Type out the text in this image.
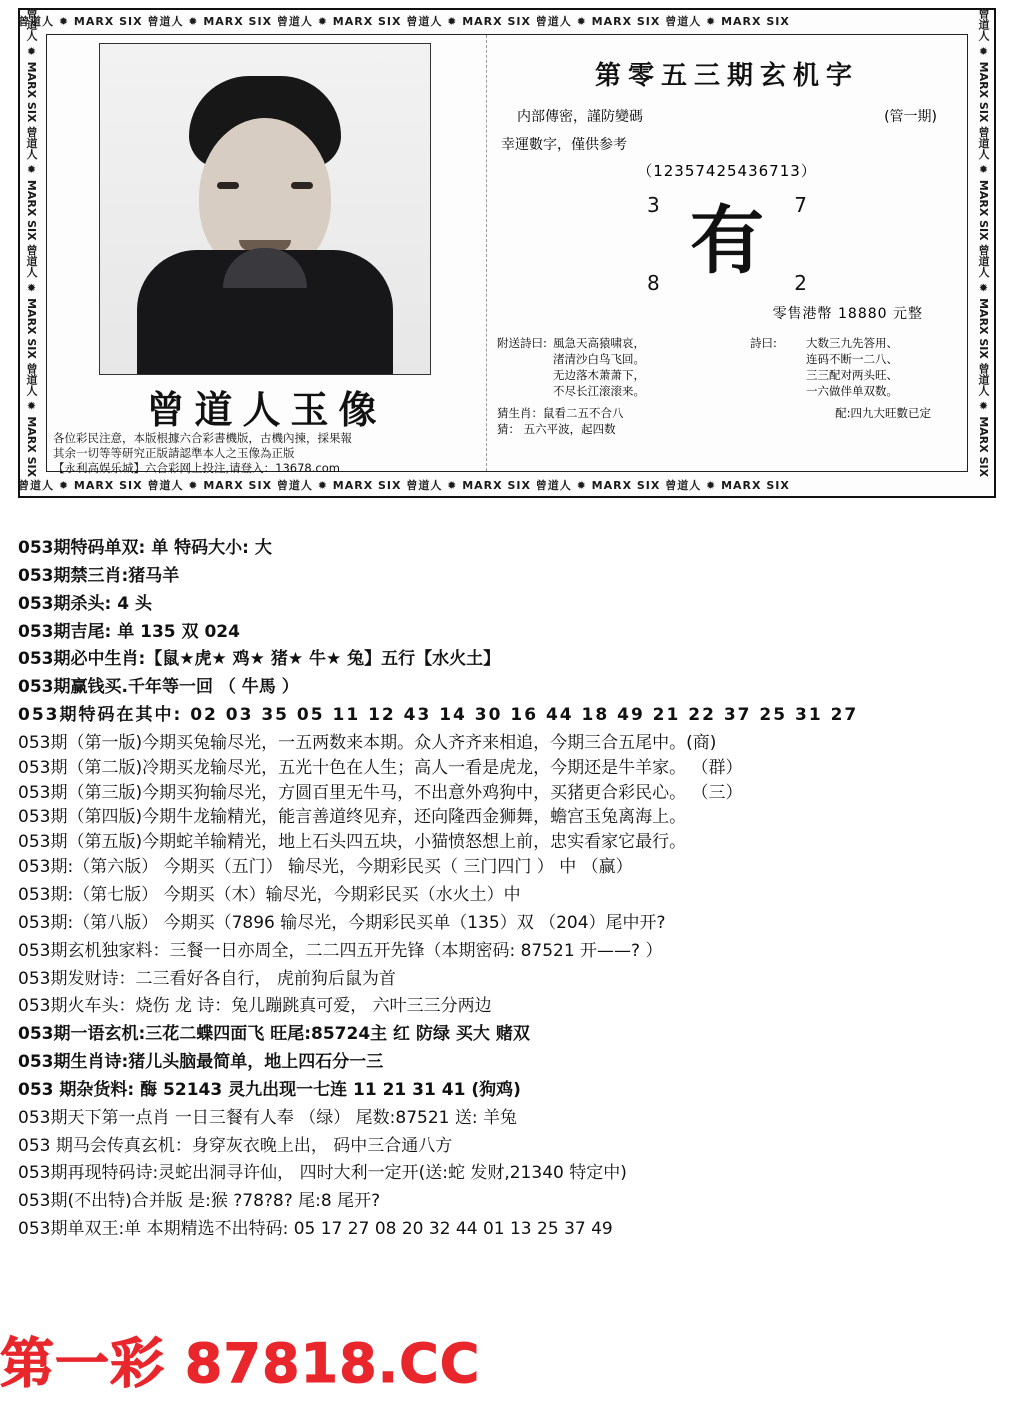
曾道人 ✹ MARX SIX 曾道人 ✹ MARX SIX 曾道人 ✹ MARX SIX 曾道人 ✹ MARX SIX 曾道人 ✹ MARX SIX 曾道人 ✹ MARX SIX
曾道人 ✹ MARX SIX 曾道人 ✹ MARX SIX 曾道人 ✹ MARX SIX 曾道人 ✹ MARX SIX 曾道人 ✹ MARX SIX 曾道人 ✹ MARX SIX
曾道人 ✹ MARX SIX 曾道人 ✹ MARX SIX 曾道人 ✹ MARX SIX 曾道人 ✹ MARX SIX	曾道人 ✹ MARX SIX 曾道人 ✹ MARX SIX 曾道人 ✹ MARX SIX 曾道人 ✹ MARX SIX
曾道人玉像
各位彩民注意，本版根據六合彩書機版，古機內揀，採果報
其余一切等等研究正版請認準本人之玉像為正版
【永利高娱乐城】六合彩网上投注,请登入：13678.com
第零五三期玄机字
内部傳密，謹防變碼	(管一期)
幸運數字，僅供参考
（12357425436713）
3	7
8	2
有
零售港幣 18880 元整
附送詩曰: 風急天高猿啸哀，
渚清沙白鸟飞回。
无边落木萧萧下，
不尽长江滚滚来。
詩曰:	大数三九先答用、
连码不断一二八、
三三配对两头旺、
一六做伴单双数。
猜生肖：鼠看二五不合八
猜： 五六平波，起四数
配:四九大旺數已定
053期特码单双: 单 特码大小: 大
053期禁三肖:猪马羊
053期杀头: 4 头
053期吉尾: 单 135 双 024
053期必中生肖:【鼠★虎★ 鸡★ 猪★ 牛★ 兔】五行【水火土】
053期赢钱买.千年等一回 （ 牛馬 ）
053期特码在其中: 02 03 35 05 11 12 43 14 30 16 44 18 49 21 22 37 25 31 27
053期（第一版)今期买兔输尽光，一五两数来本期。众人齐齐来相追，今期三合五尾中。(商)
053期（第二版)冷期买龙输尽光，五光十色在人生；高人一看是虎龙，今期还是牛羊家。 （群）
053期（第三版)今期买狗输尽光，方圆百里无牛马，不出意外鸡狗中，买猪更合彩民心。 （三）
053期（第四版)今期牛龙输精光，能言善道终见弃，还向隆西金狮舞，蟾宫玉兔离海上。
053期（第五版)今期蛇羊输精光，地上石头四五块，小猫愤怒想上前，忠实看家它最行。
053期:（第六版） 今期买（五门） 输尽光，今期彩民买（ 三门四门 ） 中 （赢）
053期:（第七版） 今期买（木）输尽光，今期彩民买（水火土）中
053期:（第八版） 今期买（7896 输尽光，今期彩民买单（135）双 （204）尾中开?
053期玄机独家料：三餐一日亦周全，二二四五开先锋（本期密码: 87521 开——? ）
053期发财诗：二三看好各自行， 虎前狗后鼠为首
053期火车头：烧伤 龙 诗：兔儿蹦跳真可爱， 六叶三三分两边
053期一语玄机:三花二蝶四面飞 旺尾:85724主 红 防绿 买大 赌双
053期生肖诗:猪儿头脑最简单，地上四石分一三
053 期杂货料: 酶 52143 灵九出现一七连 11 21 31 41 (狗鸡)
053期天下第一点肖 一日三餐有人奉 （绿） 尾数:87521 送: 羊兔
053 期马会传真玄机：身穿灰衣晚上出， 码中三合通八方
053期再现特码诗:灵蛇出洞寻许仙， 四时大利一定开(送:蛇 发财,21340 特定中)
053期(不出特)合并版 是:猴 ?78?8? 尾:8 尾开?
053期单双王:单 本期精选不出特码: 05 17 27 08 20 32 44 01 13 25 37 49
第一彩 87818.CC
